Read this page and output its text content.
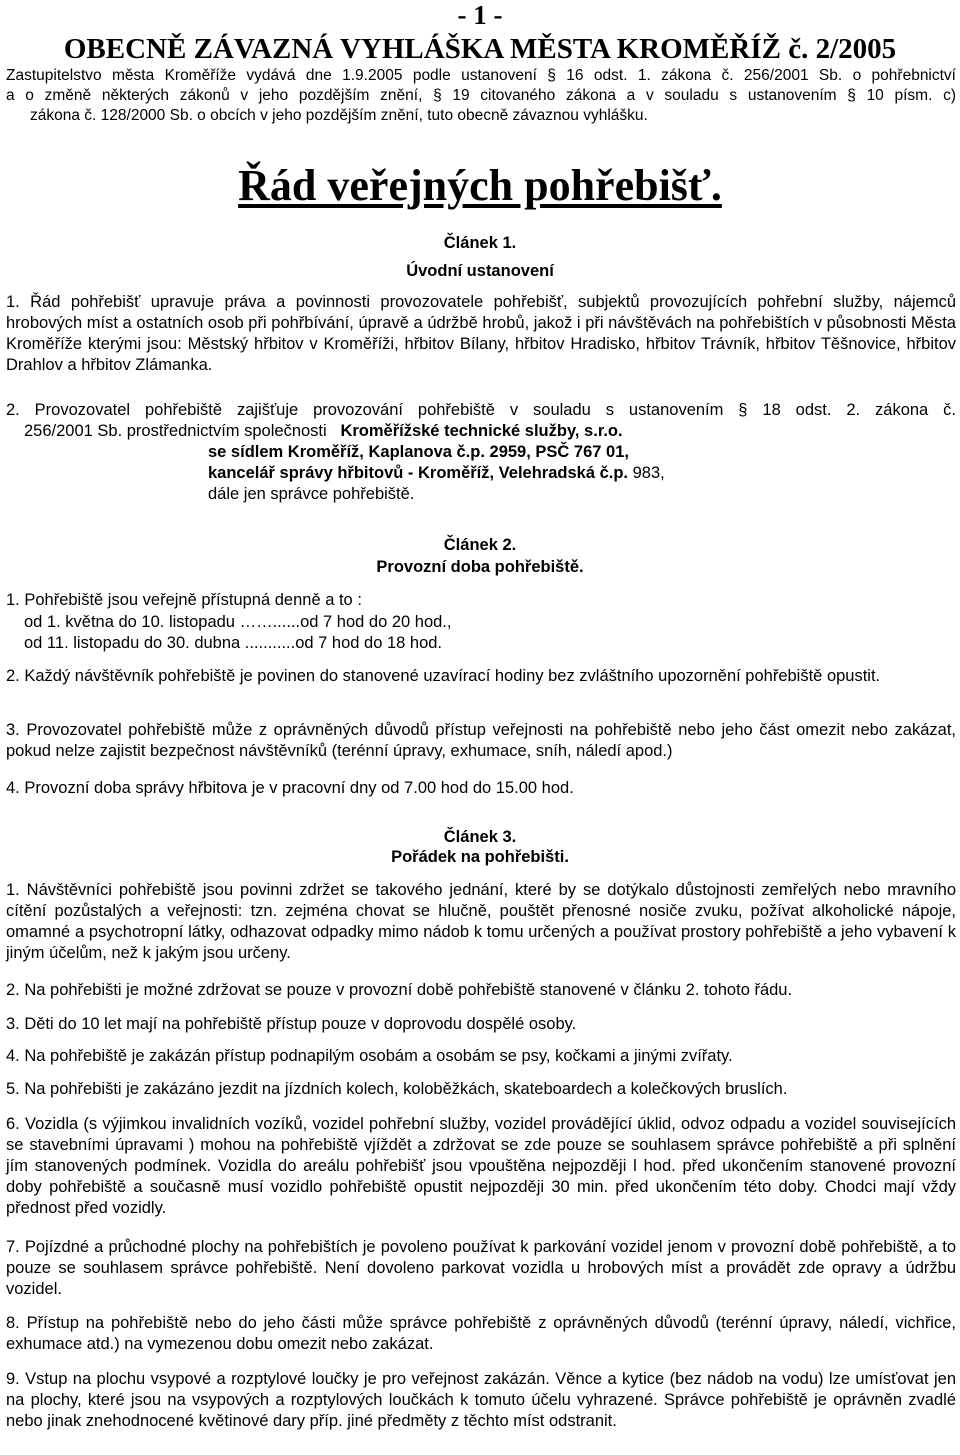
- 1 -
OBECNĚ ZÁVAZNÁ VYHLÁŠKA MĚSTA KROMĚŘÍŽ č. 2/2005
Zastupitelstvo města Kroměříže vydává dne 1.9.2005 podle ustanovení § 16 odst. 1. zákona č. 256/2001 Sb. o pohřebnictví
a o změně některých zákonů v jeho pozdějším znění, § 19 citovaného zákona a v souladu s ustanovením § 10 písm. c)
zákona č. 128/2000 Sb. o obcích v jeho pozdějším znění, tuto obecně závaznou vyhlášku.
Řád veřejných pohřebišť.
Článek 1.
Úvodní ustanovení
1. Řád pohřebišť upravuje práva a povinnosti provozovatele pohřebišť, subjektů provozujících pohřební služby, nájemců hrobových míst a ostatních osob při pohřbívání, úpravě a údržbě hrobů, jakož i při návštěvách na pohřebištích v působnosti Města Kroměříže kterými jsou: Městský hřbitov v Kroměříži, hřbitov Bílany, hřbitov Hradisko, hřbitov Trávník, hřbitov Těšnovice, hřbitov Drahlov a hřbitov Zlámanka.
2. Provozovatel pohřebiště zajišťuje provozování pohřebiště v souladu s ustanovením § 18 odst. 2. zákona č.
256/2001 Sb. prostřednictvím společnosti Kroměřížské technické služby, s.r.o.
se sídlem Kroměříž, Kaplanova č.p. 2959, PSČ 767 01,
kancelář správy hřbitovů - Kroměříž, Velehradská č.p. 983,
dále jen správce pohřebiště.
Článek 2.
Provozní doba pohřebiště.
1. Pohřebiště jsou veřejně přístupná denně a to :
od 1. května do 10. listopadu ……......od 7 hod do 20 hod.,
od 11. listopadu do 30. dubna ...........od 7 hod do 18 hod.
2. Každý návštěvník pohřebiště je povinen do stanovené uzavírací hodiny bez zvláštního upozornění pohřebiště opustit.
3. Provozovatel pohřebiště může z oprávněných důvodů přístup veřejnosti na pohřebiště nebo jeho část omezit nebo zakázat, pokud nelze zajistit bezpečnost návštěvníků (terénní úpravy, exhumace, sníh, náledí apod.)
4. Provozní doba správy hřbitova je v pracovní dny od 7.00 hod do 15.00 hod.
Článek 3.
Pořádek na pohřebišti.
1. Návštěvníci pohřebiště jsou povinni zdržet se takového jednání, které by se dotýkalo důstojnosti zemřelých nebo mravního cítění pozůstalých a veřejnosti: tzn. zejména chovat se hlučně, pouštět přenosné nosiče zvuku, požívat alkoholické nápoje, omamné a psychotropní látky, odhazovat odpadky mimo nádob k tomu určených a používat prostory pohřebiště a jeho vybavení k jiným účelům, než k jakým jsou určeny.
2. Na pohřebišti je možné zdržovat se pouze v provozní době pohřebiště stanovené v článku 2. tohoto řádu.
3. Děti do 10 let mají na pohřebiště přístup pouze v doprovodu dospělé osoby.
4. Na pohřebiště je zakázán přístup podnapilým osobám a osobám se psy, kočkami a jinými zvířaty.
5. Na pohřebišti je zakázáno jezdit na jízdních kolech, koloběžkách, skateboardech a kolečkových bruslích.
6. Vozidla (s výjimkou invalidních vozíků, vozidel pohřební služby, vozidel provádějící úklid, odvoz odpadu a vozidel souvisejících se stavebními úpravami ) mohou na pohřebiště vjíždět a zdržovat se zde pouze se souhlasem správce pohřebiště a při splnění jím stanovených podmínek. Vozidla do areálu pohřebišť jsou vpouštěna nejpozději l hod. před ukončením stanovené provozní doby pohřebiště a současně musí vozidlo pohřebiště opustit nejpozději 30 min. před ukončením této doby. Chodci mají vždy přednost před vozidly.
7. Pojízdné a průchodné plochy na pohřebištích je povoleno používat k parkování vozidel jenom v provozní době pohřebiště, a to pouze se souhlasem správce pohřebiště. Není dovoleno parkovat vozidla u hrobových míst a provádět zde opravy a údržbu vozidel.
8. Přístup na pohřebiště nebo do jeho části může správce pohřebiště z oprávněných důvodů (terénní úpravy, náledí, vichřice, exhumace atd.) na vymezenou dobu omezit nebo zakázat.
9. Vstup na plochu vsypové a rozptylové loučky je pro veřejnost zakázán. Věnce a kytice (bez nádob na vodu) lze umísťovat jen na plochy, které jsou na vsypových a rozptylových loučkách k tomuto účelu vyhrazené. Správce pohřebiště je oprávněn zvadlé nebo jinak znehodnocené květinové dary příp. jiné předměty z těchto míst odstranit.
